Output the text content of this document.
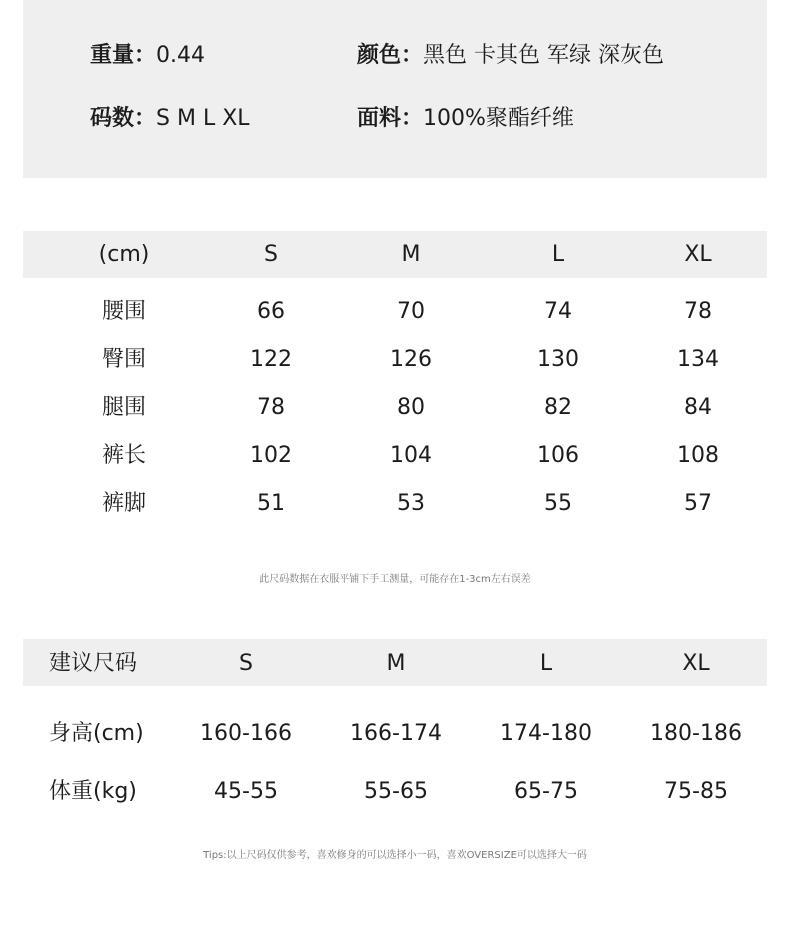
重量：0.44	颜色：黑色 卡其色 军绿 深灰色
码数：S M L XL	面料：100%聚酯纤维
(cm)	S	M	L	XL
腰围	66	70	74	78
臀围	122	126	130	134
腿围	78	80	82	84
裤长	102	104	106	108
裤脚	51	53	55	57
此尺码数据在衣服平铺下手工测量，可能存在1-3cm左右误差
建议尺码	S	M	L	XL
身高(cm)	160-166	166-174	174-180	180-186
体重(kg)	45-55	55-65	65-75	75-85
Tips:以上尺码仅供参考，喜欢修身的可以选择小一码，喜欢OVERSIZE可以选择大一码
